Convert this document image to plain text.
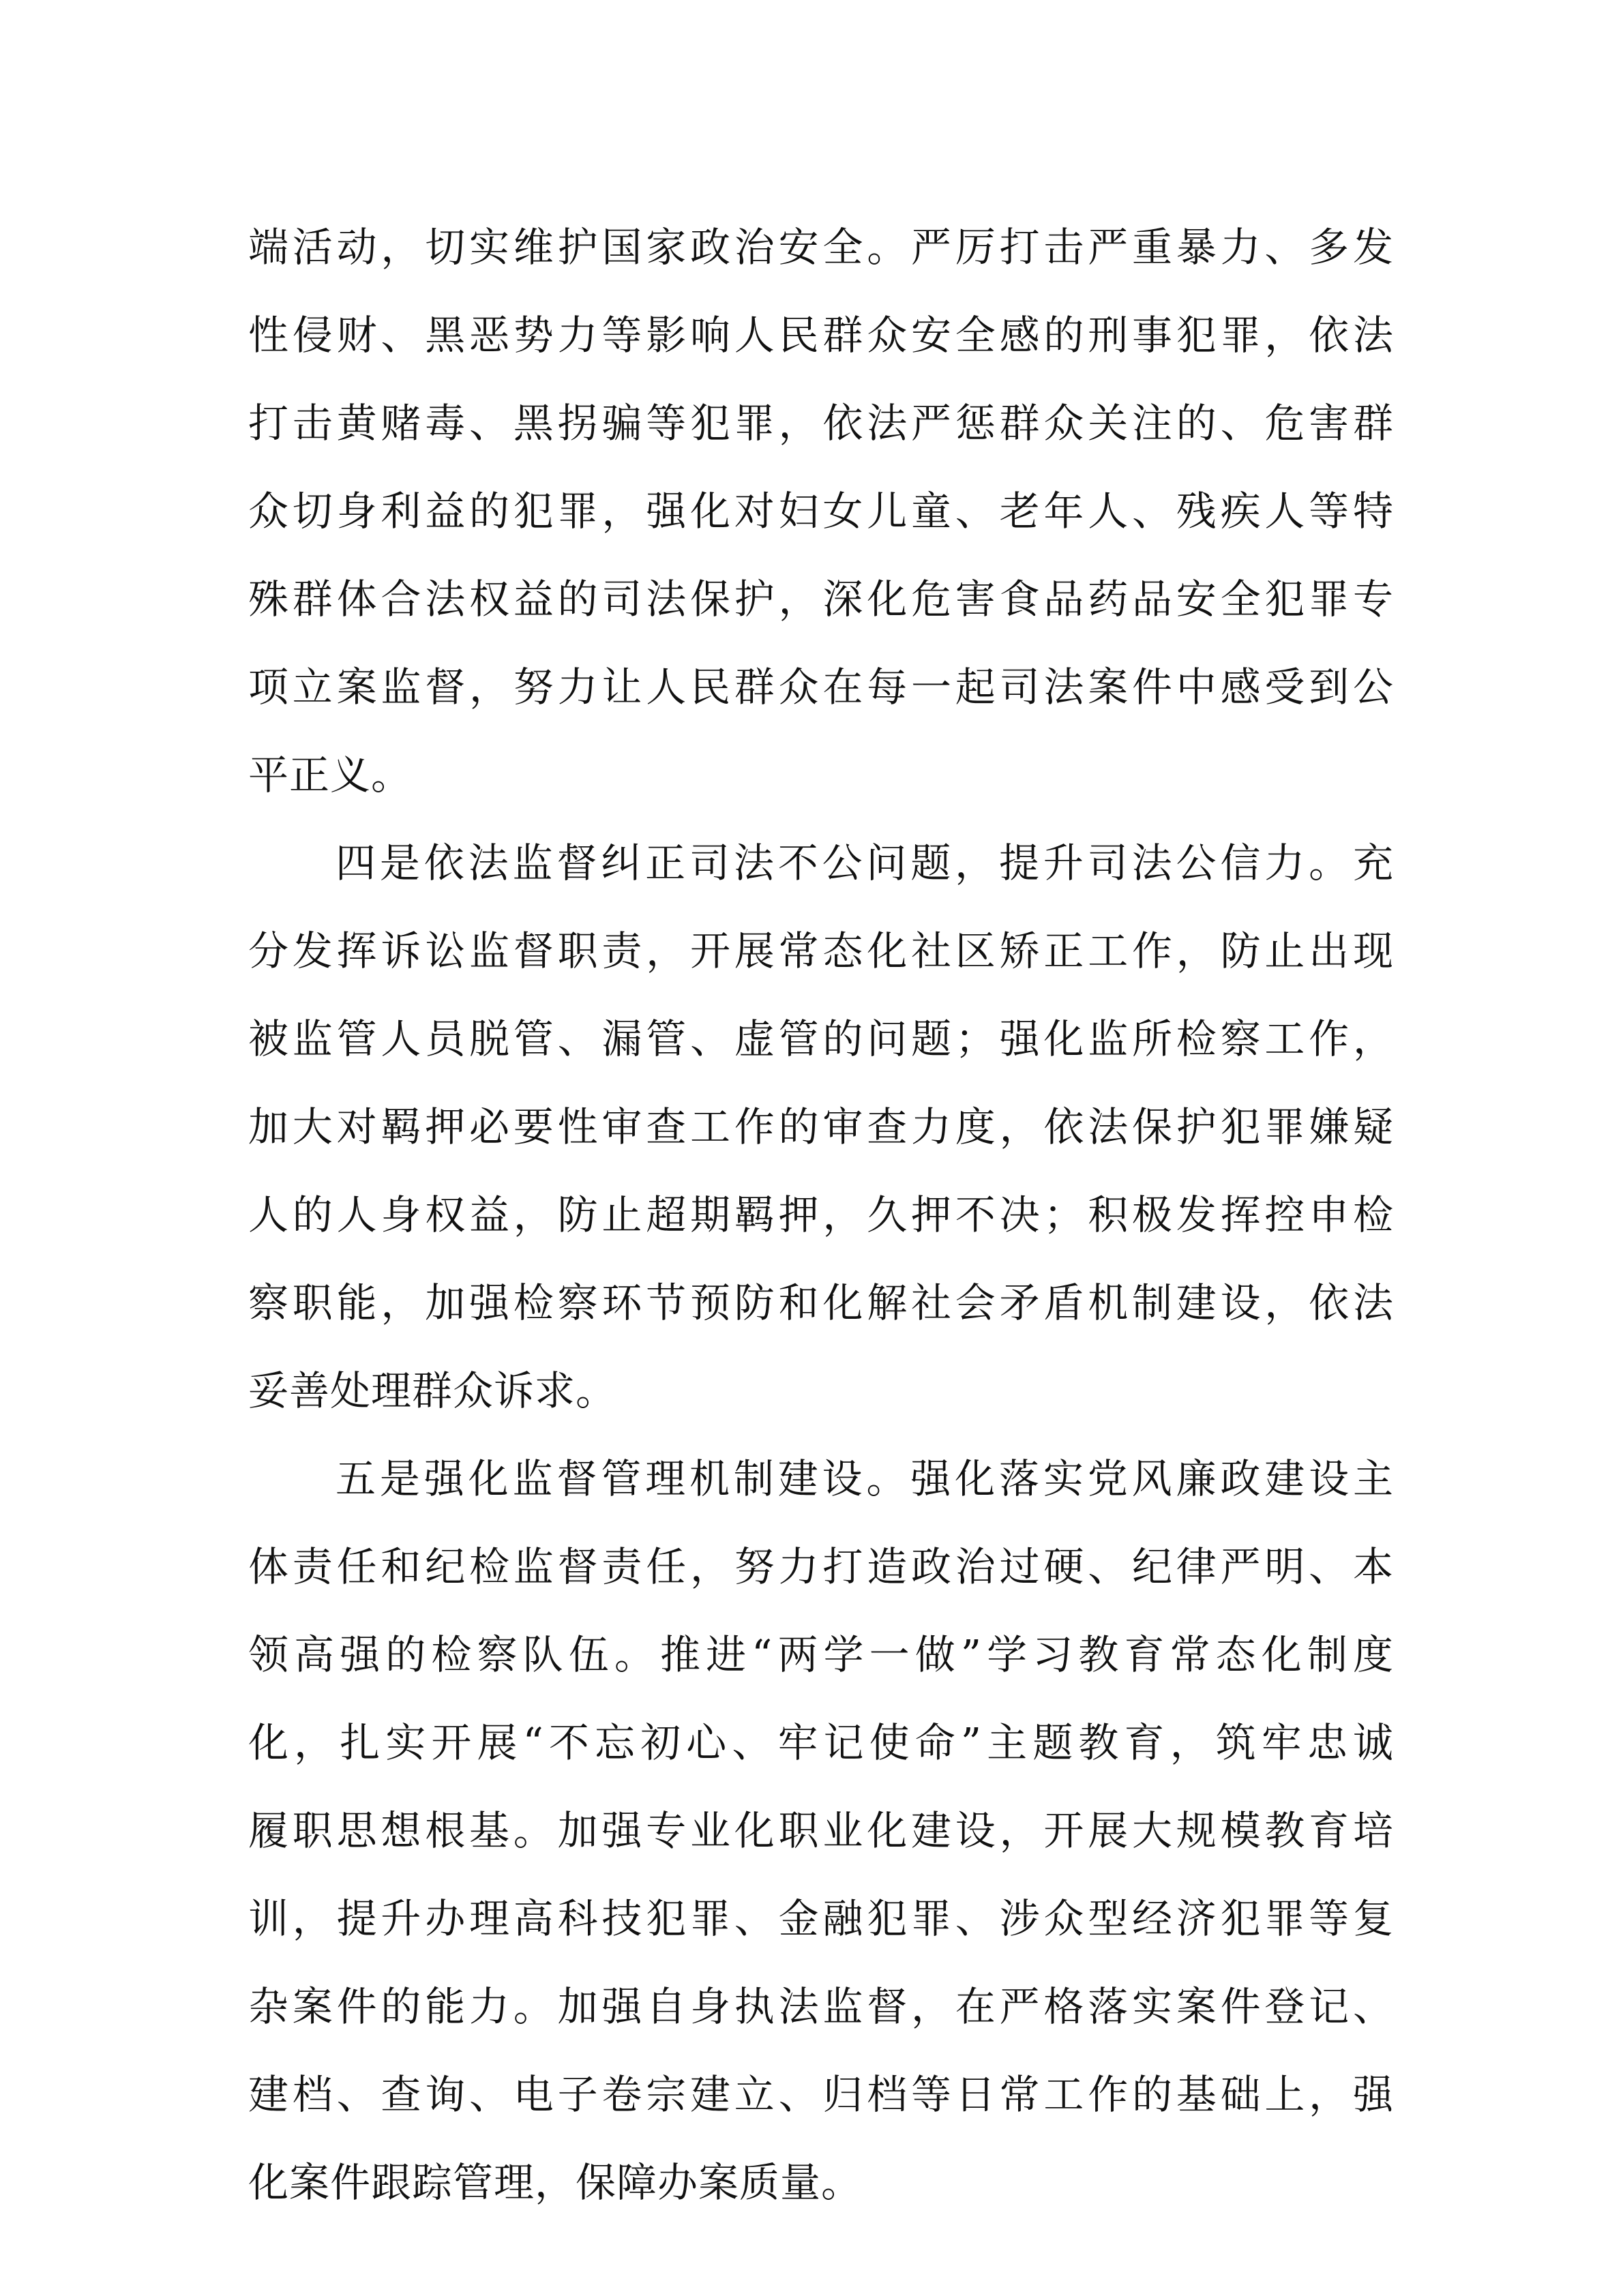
端活动，切实维护国家政治安全。严厉打击严重暴力、多发
性侵财、黑恶势力等影响人民群众安全感的刑事犯罪，依法
打击黄赌毒、黑拐骗等犯罪，依法严惩群众关注的、危害群
众切身利益的犯罪，强化对妇女儿童、老年人、残疾人等特
殊群体合法权益的司法保护，深化危害食品药品安全犯罪专
项立案监督，努力让人民群众在每一起司法案件中感受到公
平正义。
四是依法监督纠正司法不公问题，提升司法公信力。充
分发挥诉讼监督职责，开展常态化社区矫正工作，防止出现
被监管人员脱管、漏管、虚管的问题；强化监所检察工作，
加大对羁押必要性审查工作的审查力度，依法保护犯罪嫌疑
人的人身权益，防止超期羁押，久押不决；积极发挥控申检
察职能，加强检察环节预防和化解社会矛盾机制建设，依法
妥善处理群众诉求。
五是强化监督管理机制建设。强化落实党风廉政建设主
体责任和纪检监督责任，努力打造政治过硬、纪律严明、本
领高强的检察队伍。推进“两学一做”学习教育常态化制度
化，扎实开展“不忘初心、牢记使命”主题教育，筑牢忠诚
履职思想根基。加强专业化职业化建设，开展大规模教育培
训，提升办理高科技犯罪、金融犯罪、涉众型经济犯罪等复
杂案件的能力。加强自身执法监督，在严格落实案件登记、
建档、查询、电子卷宗建立、归档等日常工作的基础上，强
化案件跟踪管理，保障办案质量。
